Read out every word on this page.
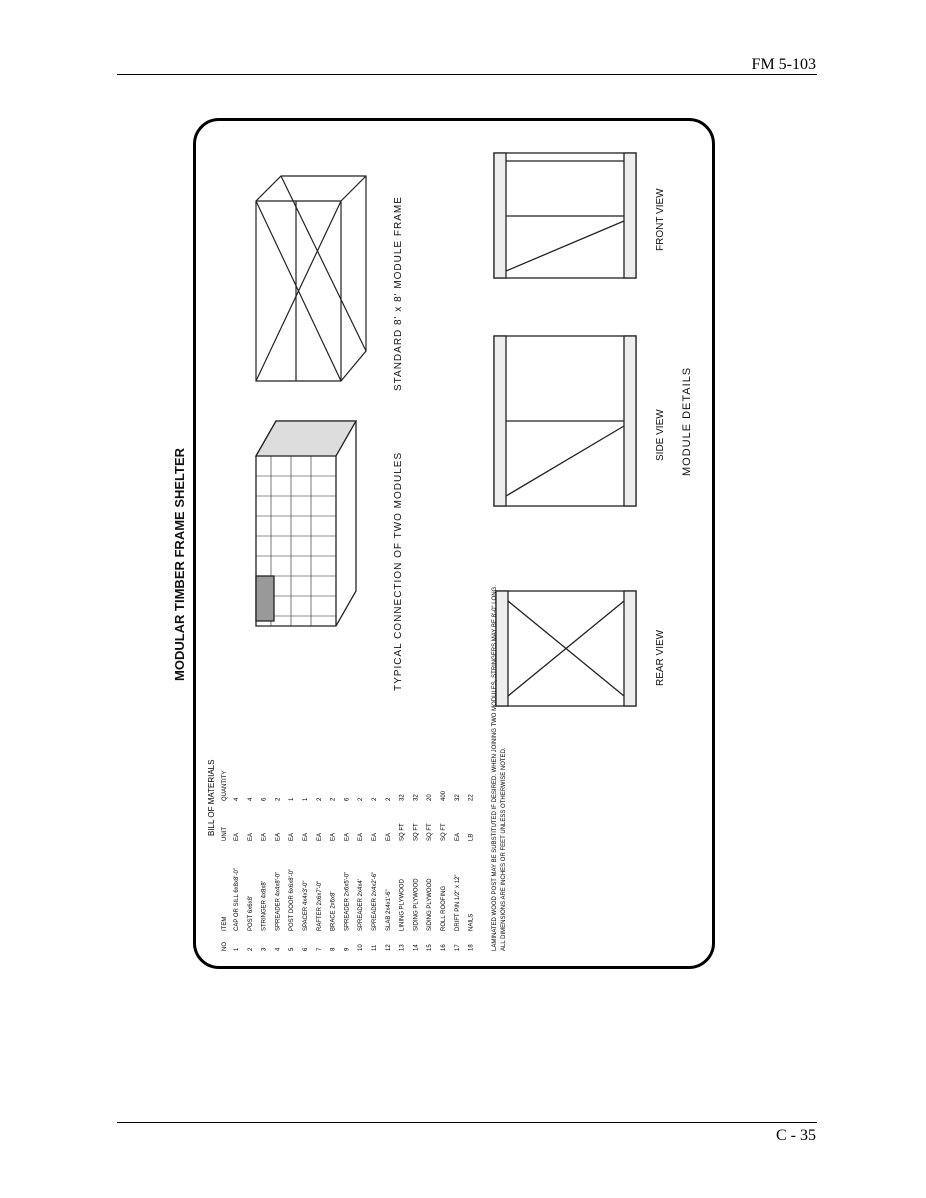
FM 5-103
MODULAR TIMBER FRAME SHELTER	TYPICAL CONNECTION OF TWO MODULES
STANDARD 8' x 8' MODULE FRAME
REAR VIEW
SIDE VIEW MODULE DETAILS
FRONT VIEW
BILL OF MATERIALS
NO
ITEM
UNIT
QUANTITY
1
CAP OR SILL 6x8x8'-0"
EA
4
2
POST 6x6x8'
EA
4
3
STRINGER 4x8x8'
EA
6
4
SPREADER 4x4x8'-0"
EA
2
5
POST DOOR 6x6x8'-0"
EA
1
6
SPACER 4x4x3'-0"
EA
1
7
RAFTER 2x6x7'-0"
EA
2
8
BRACE 2x6x8'
EA
2
9
SPREADER 2x6x5'-0"
EA
6
10
SPREADER 2x4x4'
EA
2
11
SPREADER 2x4x2'-6"
EA
2
12
SLAB 2x4x1'-6"
EA
2
13
LINING PLYWOOD
SQ FT
32
14
SIDING PLYWOOD
SQ FT
32
15
SIDING PLYWOOD
SQ FT
20
16
ROLL ROOFING
SQ FT
400
17
DRIFT PIN 1/2" x 12"
EA
32
18
NAILS
LB
22	LAMINATED WOOD POST MAY BE SUBSTITUTED IF DESIRED. WHEN JOINING TWO MODULES, STRINGERS MAY BE 8'-0" LONG. ALL DIMENSIONS ARE INCHES OR FEET UNLESS OTHERWISE NOTED.
C - 35
